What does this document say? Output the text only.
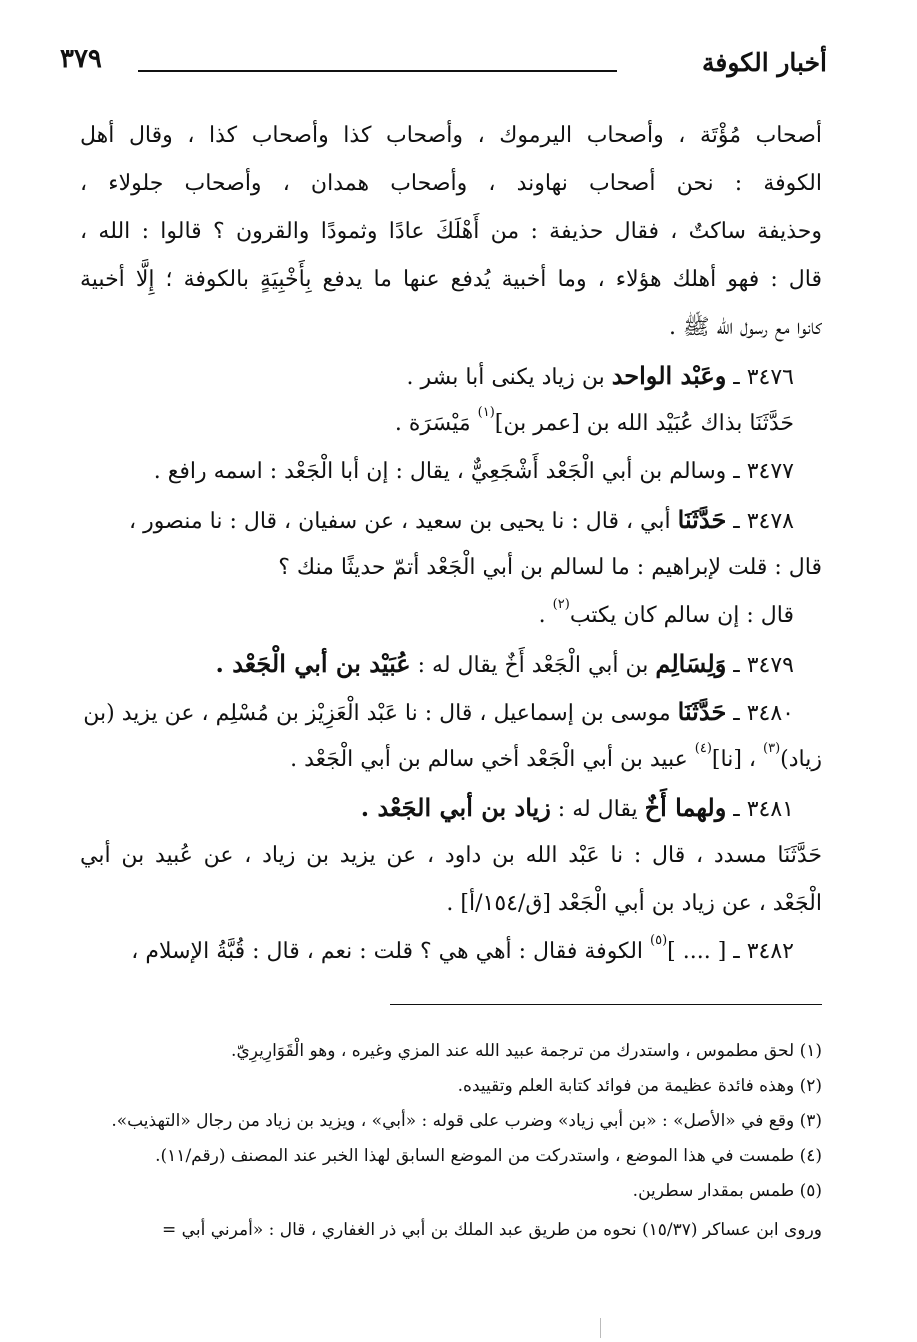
أخبار الكوفة
٣٧٩
أصحاب مُؤْتَة ، وأصحاب اليرموك ، وأصحاب كذا وأصحاب كذا ، وقال أهل
الكوفة : نحن أصحاب نهاوند ، وأصحاب همدان ، وأصحاب جلولاء ،
وحذيفة ساكتٌ ، فقال حذيفة : من أَهْلَكَ عادًا وثمودًا والقرون ؟ قالوا : الله ،
قال : فهو أهلك هؤلاء ، وما أخبية يُدفع عنها ما يدفع بِأَخْبِيَةٍ بالكوفة ؛ إِلَّا أخبية
كانوا مع رسول الله ﷺ .
٣٤٧٦ ـ وعَبْد الواحد بن زياد يكنى أبا بشر .
حَدَّثَنَا بذاك عُبَيْد الله بن [عمر بن]$^{(١)}$ مَيْسَرَة .
٣٤٧٧ ـ وسالم بن أبي الْجَعْد أَشْجَعِيٌّ ، يقال : إن أبا الْجَعْد : اسمه رافع .
٣٤٧٨ ـ حَدَّثَنَا أبي ، قال : نا يحيى بن سعيد ، عن سفيان ، قال : نا منصور ،
قال : قلت لإبراهيم : ما لسالم بن أبي الْجَعْد أتمّ حديثًا منك ؟
قال : إن سالم كان يكتب$^{(٢)}$ .
٣٤٧٩ ـ وَلِسَالِم بن أبي الْجَعْد أَخٌ يقال له : عُبَيْد بن أبي الْجَعْد .
٣٤٨٠ ـ حَدَّثَنَا موسى بن إسماعيل ، قال : نا عَبْد الْعَزِيْز بن مُسْلِم ، عن يزيد (بن
زياد)$^{(٣)}$ ، [نا]$^{(٤)}$ عبيد بن أبي الْجَعْد أخي سالم بن أبي الْجَعْد .
٣٤٨١ ـ ولهما أَخٌ يقال له : زياد بن أبي الجَعْد .
حَدَّثَنَا مسدد ، قال : نا عَبْد الله بن داود ، عن يزيد بن زياد ، عن عُبيد بن أبي
الْجَعْد ، عن زياد بن أبي الْجَعْد [ق/١٥٤/أ] .
٣٤٨٢ ـ [ .... ]$^{(٥)}$ الكوفة فقال : أهي هي ؟ قلت : نعم ، قال : قُبَّةُ الإسلام ،
(١) لحق مطموس ، واستدرك من ترجمة عبيد الله عند المزي وغيره ، وهو الْقَوَارِيرِيّ.
(٢) وهذه فائدة عظيمة من فوائد كتابة العلم وتقييده.
(٣) وقع في «الأصل» : «بن أبي زياد» وضرب على قوله : «أبي» ، ويزيد بن زياد من رجال «التهذيب».
(٤) طمست في هذا الموضع ، واستدركت من الموضع السابق لهذا الخبر عند المصنف (رقم/١١).
(٥) طمس بمقدار سطرين.
وروى ابن عساكر (١٥/٣٧) نحوه من طريق عبد الملك بن أبي ذر الغفاري ، قال : «أمرني أبي =
